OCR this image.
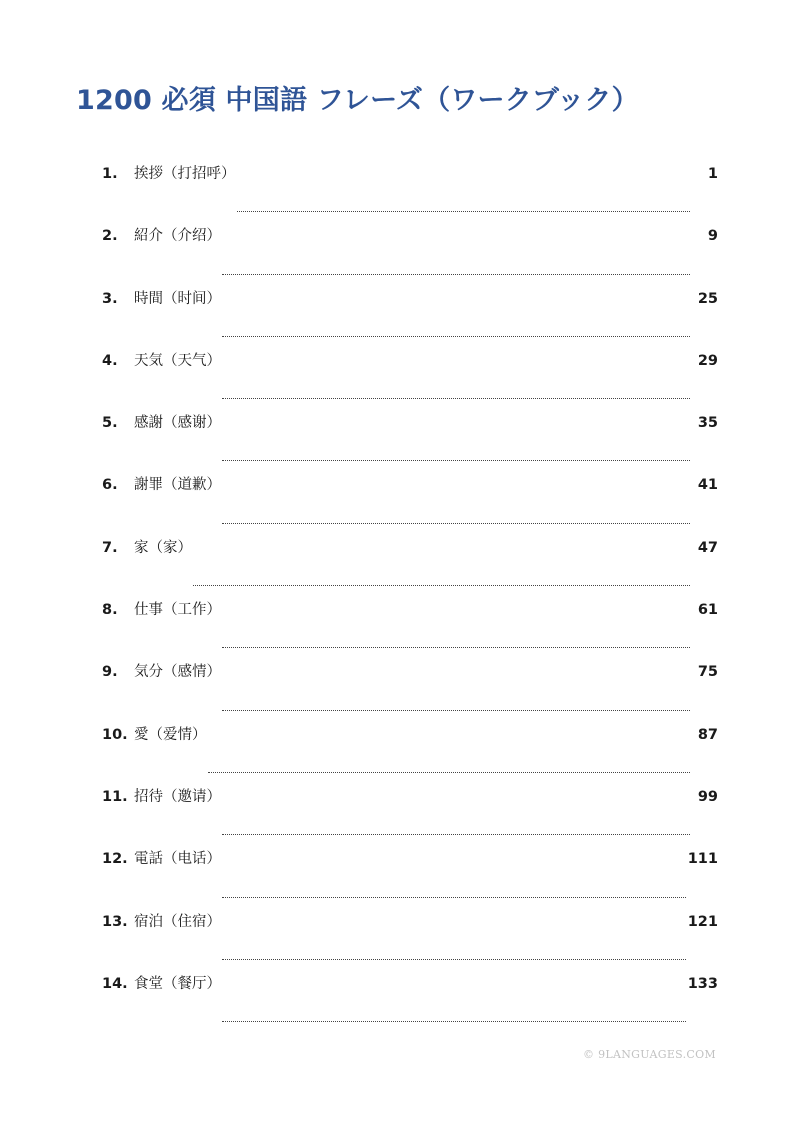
1200 必須 中国語 フレーズ（ワークブック）
1.	挨拶（打招呼）	1
2.	紹介（介绍）	9
3.	時間（时间）	25
4.	天気（天气）	29
5.	感謝（感谢）	35
6.	謝罪（道歉）	41
7.	家（家）	47
8.	仕事（工作）	61
9.	気分（感情）	75
10. 愛（爱情）	87
11. 招待（邀请）	99
12. 電話（电话）	111
13. 宿泊（住宿）	121
14. 食堂（餐厅）	133
© 9LANGUAGES.COM
